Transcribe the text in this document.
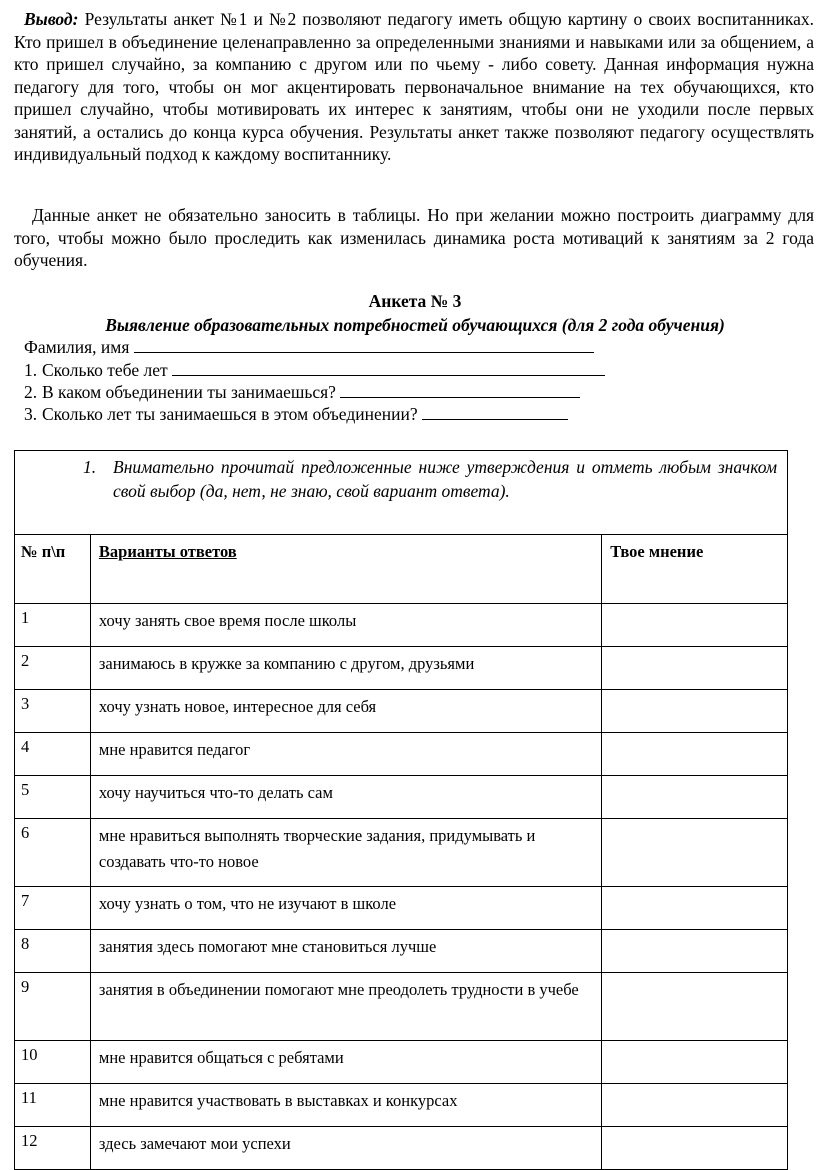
Вывод: Результаты анкет №1 и №2 позволяют педагогу иметь общую картину о своих воспитанниках. Кто пришел в объединение целенаправленно за определенными знаниями и навыками или за общением, а кто пришел случайно, за компанию с другом или по чьему - либо совету. Данная информация нужна педагогу для того, чтобы он мог акцентировать первоначальное внимание на тех обучающихся, кто пришел случайно, чтобы мотивировать их интерес к занятиям, чтобы они не уходили после первых занятий, а остались до конца курса обучения. Результаты анкет также позволяют педагогу осуществлять индивидуальный подход к каждому воспитаннику.
Данные анкет не обязательно заносить в таблицы. Но при желании можно построить диаграмму для того, чтобы можно было проследить как изменилась динамика роста мотиваций к занятиям за 2 года обучения.
Анкета № 3
Выявление образовательных потребностей обучающихся (для 2 года обучения)
Фамилия, имя
1. Сколько тебе лет
2. В каком объединении ты занимаешься?
3. Сколько лет ты занимаешься в этом объединении?
1. Внимательно прочитай предложенные ниже утверждения и отметь любым значком свой выбор (да, нет, не знаю, свой вариант ответа).
№ п\п	Варианты ответов	Твое мнение
1	хочу занять свое время после школы	
2	занимаюсь в кружке за компанию с другом, друзьями	
3	хочу узнать новое, интересное для себя	
4	мне нравится педагог	
5	хочу научиться что-то делать сам	
6	мне нравиться выполнять творческие задания, придумывать и создавать что-то новое	
7	хочу узнать о том, что не изучают в школе	
8	занятия здесь помогают мне становиться лучше	
9	занятия в объединении помогают мне преодолеть трудности в учебе	
10	мне нравится общаться с ребятами	
11	мне нравится участвовать в выставках и конкурсах	
12	здесь замечают мои успехи	
